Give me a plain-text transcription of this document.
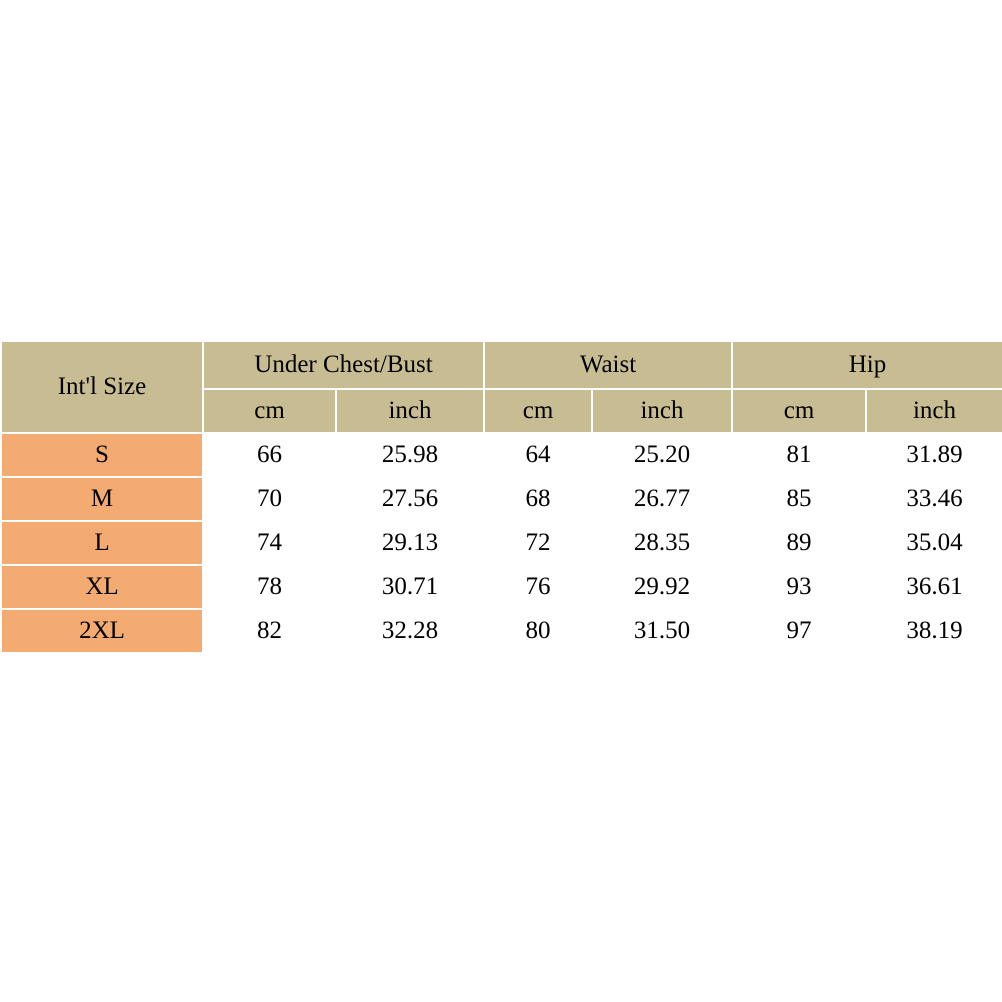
Int'l Size	Under Chest/Bust		Waist		Hip	
	cm	inch	cm	inch	cm	inch
S	66	25.98	64	25.20	81	31.89
M	70	27.56	68	26.77	85	33.46
L	74	29.13	72	28.35	89	35.04
XL	78	30.71	76	29.92	93	36.61
2XL	82	32.28	80	31.50	97	38.19
